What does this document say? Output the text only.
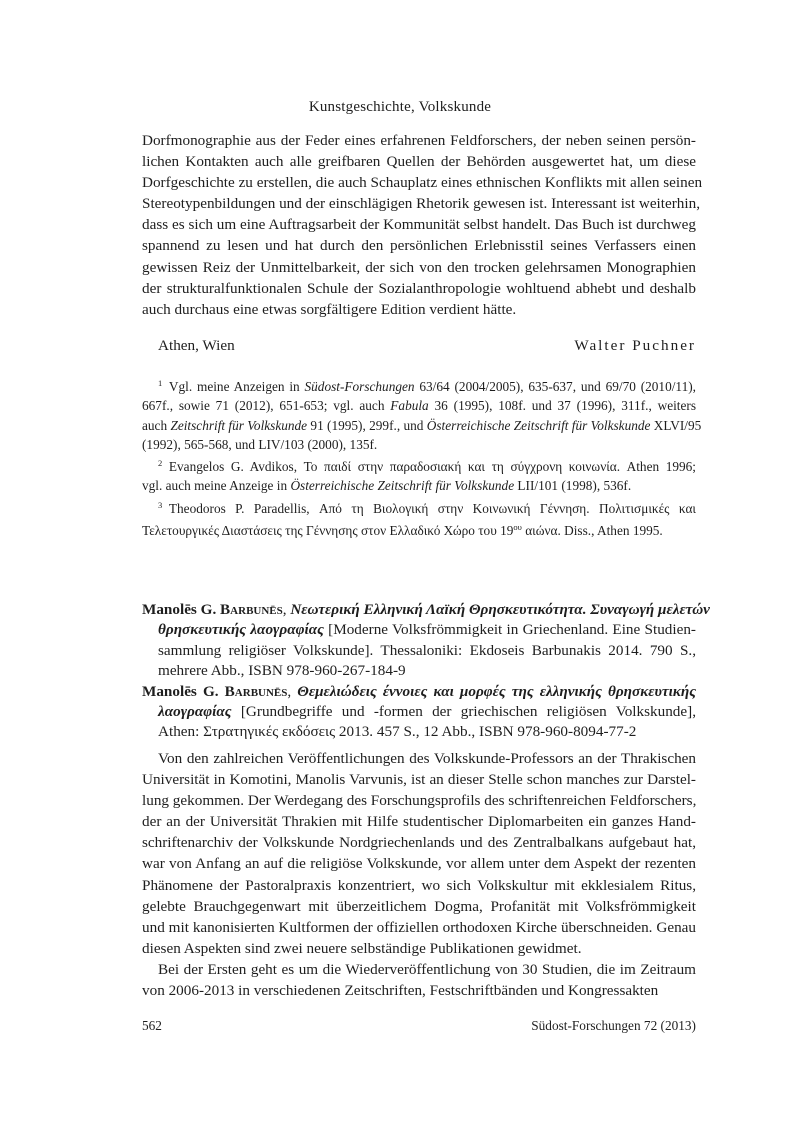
Kunstgeschichte, Volkskunde

Dorfmonographie aus der Feder eines erfahrenen Feldforschers, der neben seinen persön-
lichen Kontakten auch alle greifbaren Quellen der Behörden ausgewertet hat, um diese
Dorfgeschichte zu erstellen, die auch Schauplatz eines ethnischen Konflikts mit allen seinen
Stereotypenbildungen und der einschlägigen Rhetorik gewesen ist. Interessant ist weiterhin,
dass es sich um eine Auftragsarbeit der Kommunität selbst handelt. Das Buch ist durchweg
spannend zu lesen und hat durch den persönlichen Erlebnisstil seines Verfassers einen
gewissen Reiz der Unmittelbarkeit, der sich von den trocken gelehrsamen Monographien
der strukturalfunktionalen Schule der Sozialanthropologie wohltuend abhebt und deshalb
auch durchaus eine etwas sorgfältigere Edition verdient hätte.

Athen, Wien	Walter Puchner
$^1$  Vgl. meine Anzeigen in Südost-Forschungen 63/64 (2004/2005), 635-637, und 69/70 (2010/11),
667f., sowie 71 (2012), 651-653; vgl. auch Fabula 36 (1995), 108f. und 37 (1996), 311f., weiters
auch Zeitschrift für Volkskunde 91 (1995), 299f., und Österreichische Zeitschrift für Volkskunde XLVI/95
(1992), 565-568, und LIV/103 (2000), 135f.
$^2$  Evangelos G. Avdikos, Το παιδί στην παραδοσιακή και τη σύγχρονη κοινωνία. Athen 1996;
vgl. auch meine Anzeige in Österreichische Zeitschrift für Volkskunde LII/101 (1998), 536f.
$^3$  Theodoros P. Paradellis, Από τη Βιολογική στην Κοινωνική Γέννηση. Πολιτισμικές και
Τελετουργικές Διαστάσεις της Γέννησης στον Ελλαδικό Χώρο του $19^{o\upsilon}$ αιώνα. Diss., Athen 1995.
Manolēs G. Barbunēs, Νεωτερική Ελληνική Λαϊκή Θρησκευτικότητα. Συναγωγή μελετών
θρησκευτικής λαογραφίας [Moderne Volksfrömmigkeit in Griechenland. Eine Studien-
sammlung religiöser Volkskunde]. Thessaloniki: Ekdoseis Barbunakis 2014. 790 S.,
mehrere Abb., ISBN 978-960-267-184-9
Manolēs G. Barbunēs, Θεμελιώδεις έννοιες και μορφές της ελληνικής θρησκευτικής
λαογραφίας [Grundbegriffe und -formen der griechischen religiösen Volkskunde],
Athen: Στρατηγικές εκδόσεις 2013. 457 S., 12 Abb., ISBN 978-960-8094-77-2

Von den zahlreichen Veröffentlichungen des Volkskunde-Professors an der Thrakischen
Universität in Komotini, Manolis Varvunis, ist an dieser Stelle schon manches zur Darstel-
lung gekommen. Der Werdegang des Forschungsprofils des schriftenreichen Feldforschers,
der an der Universität Thrakien mit Hilfe studentischer Diplomarbeiten ein ganzes Hand-
schriftenarchiv der Volkskunde Nordgriechenlands und des Zentralbalkans aufgebaut hat,
war von Anfang an auf die religiöse Volkskunde, vor allem unter dem Aspekt der rezenten
Phänomene der Pastoralpraxis konzentriert, wo sich Volkskultur mit ekklesialem Ritus,
gelebte Brauchgegenwart mit überzeitlichem Dogma, Profanität mit Volksfrömmigkeit
und mit kanonisierten Kultformen der offiziellen orthodoxen Kirche überschneiden. Genau
diesen Aspekten sind zwei neuere selbständige Publikationen gewidmet.

Bei der Ersten geht es um die Wiederveröffentlichung von 30 Studien, die im Zeitraum
von 2006-2013 in verschiedenen Zeitschriften, Festschriftbänden und Kongressakten

562	Südost-Forschungen 72 (2013)
